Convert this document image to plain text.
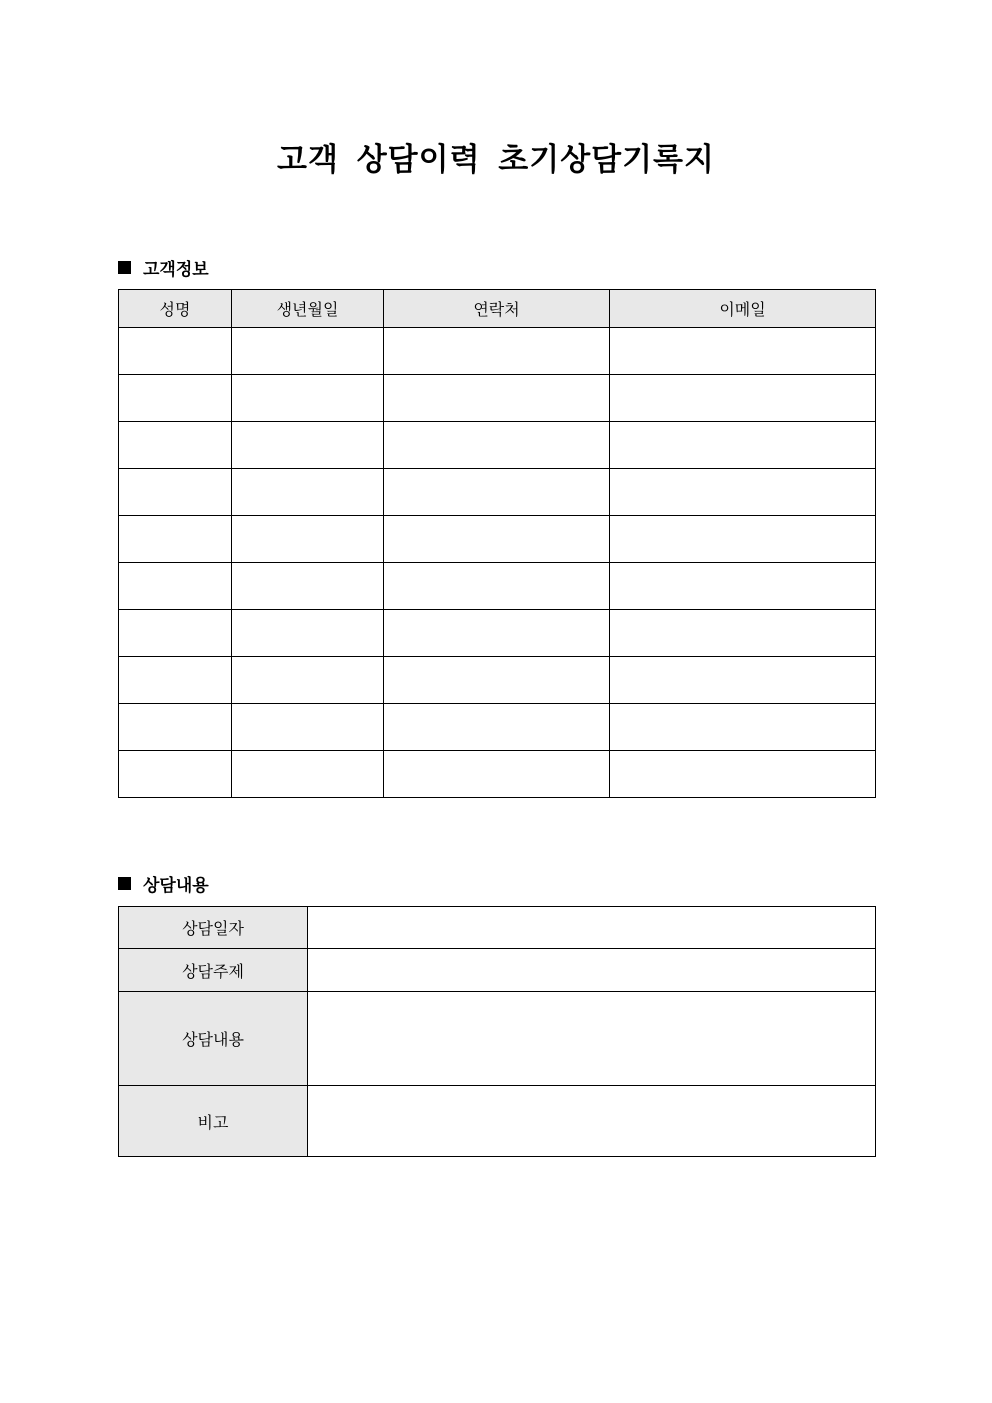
고객 상담이력 초기상담기록지
고객정보
성명	생년월일	연락처	이메일

상담내용
상담일자	
상담주제	
상담내용	
비고	
